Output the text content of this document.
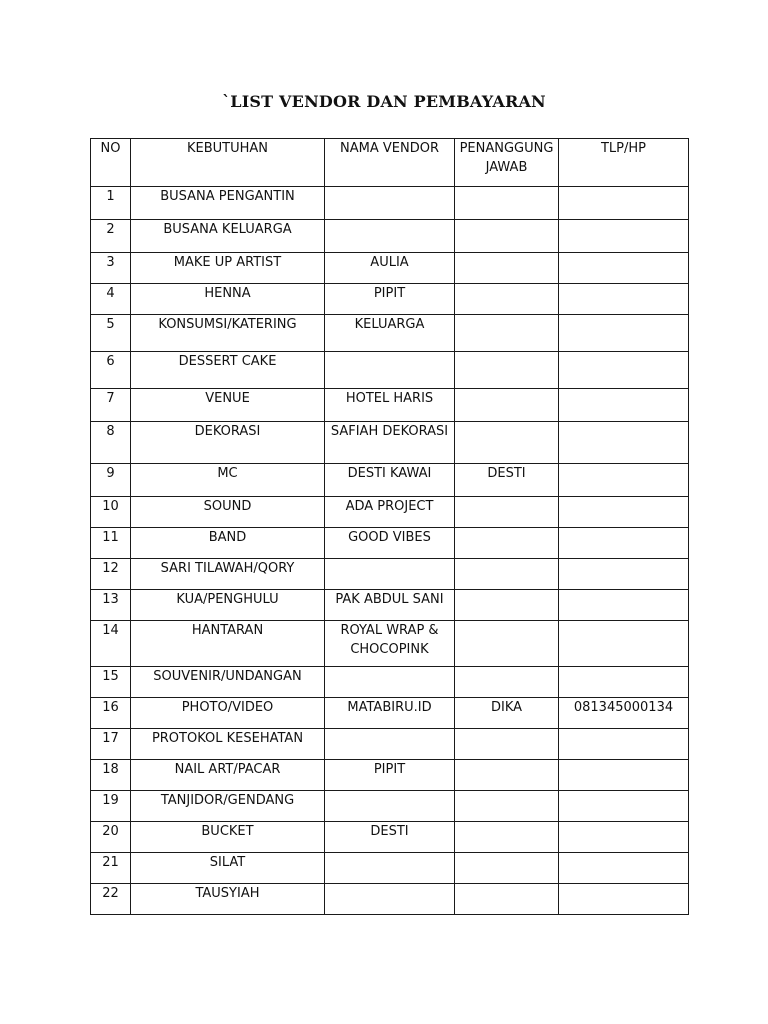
`LIST VENDOR DAN PEMBAYARAN
NO	KEBUTUHAN	NAMA VENDOR	PENANGGUNG JAWAB	TLP/HP

1	BUSANA PENGANTIN			

2	BUSANA KELUARGA			

3	MAKE UP ARTIST	AULIA		

4	HENNA	PIPIT		

5	KONSUMSI/KATERING	KELUARGA		

6	DESSERT CAKE			

7	VENUE	HOTEL HARIS		

8	DEKORASI	SAFIAH DEKORASI		

9	MC	DESTI KAWAI	DESTI	

10	SOUND	ADA PROJECT		

11	BAND	GOOD VIBES		

12	SARI TILAWAH/QORY			

13	KUA/PENGHULU	PAK ABDUL SANI		

14	HANTARAN	ROYAL WRAP & CHOCOPINK		

15	SOUVENIR/UNDANGAN			

16	PHOTO/VIDEO	MATABIRU.ID	DIKA	081345000134

17	PROTOKOL KESEHATAN			

18	NAIL ART/PACAR	PIPIT		

19	TANJIDOR/GENDANG			

20	BUCKET	DESTI		

21	SILAT			

22	TAUSYIAH			
